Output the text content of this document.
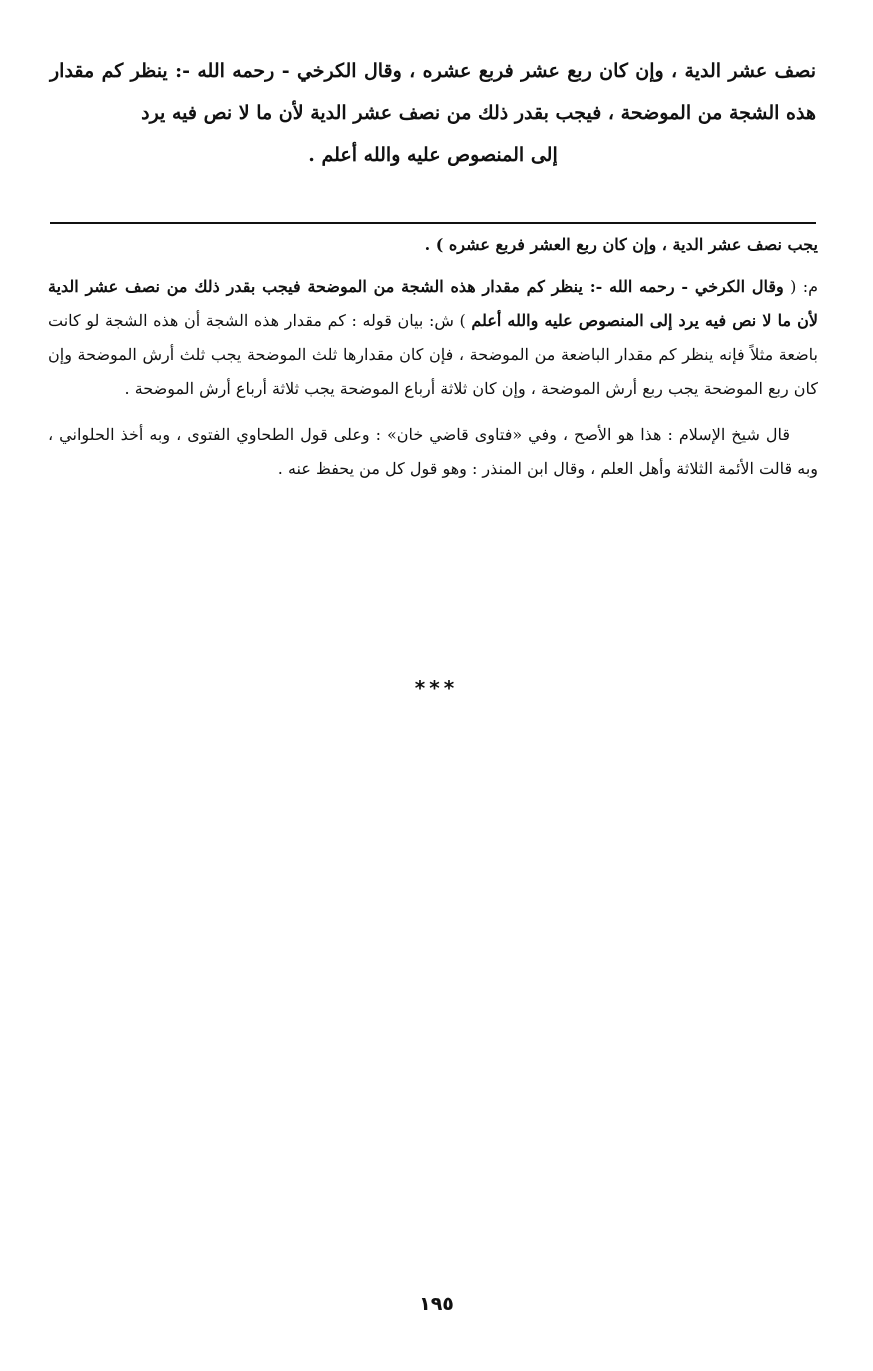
نصف عشر الدية ، وإن كان ربع عشر فربع عشره ، وقال الكرخي - رحمه الله -: ينظر كم مقدار هذه الشجة من الموضحة ، فيجب بقدر ذلك من نصف عشر الدية لأن ما لا نص فيه يرد
إلى المنصوص عليه والله أعلم .

يجب نصف عشر الدية ، وإن كان ربع العشر فربع عشره ) .

م: ( وقال الكرخي - رحمه الله -: ينظر كم مقدار هذه الشجة من الموضحة فيجب بقدر ذلك من نصف عشر الدية لأن ما لا نص فيه يرد إلى المنصوص عليه والله أعلم ) ش: بيان قوله : كم مقدار هذه الشجة أن هذه الشجة لو كانت باضعة مثلاً فإنه ينظر كم مقدار الباضعة من الموضحة ، فإن كان مقدارها ثلث الموضحة يجب ثلث أرش الموضحة وإن كان ربع الموضحة يجب ربع أرش الموضحة ، وإن كان ثلاثة أرباع الموضحة يجب ثلاثة أرباع أرش الموضحة .

قال شيخ الإسلام : هذا هو الأصح ، وفي «فتاوى قاضي خان» : وعلى قول الطحاوي الفتوى ، وبه أخذ الحلواني ، وبه قالت الأئمة الثلاثة وأهل العلم ، وقال ابن المنذر : وهو قول كل من يحفظ عنه .

***
١٩٥
